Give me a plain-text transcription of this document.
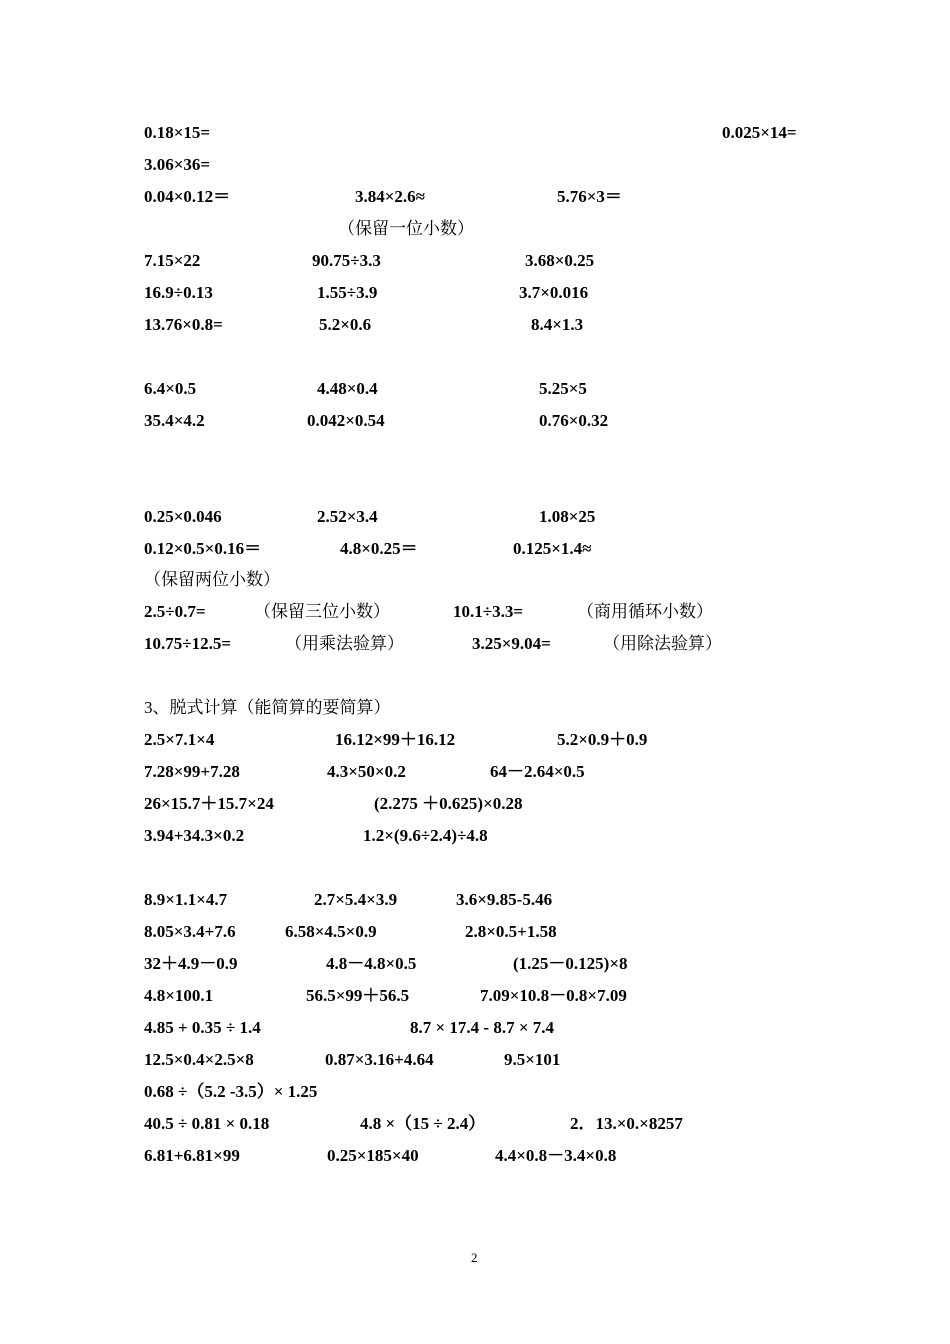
0.18×15=	0.025×14=
3.06×36=
0.04×0.12＝	3.84×2.6≈	5.76×3＝
（保留一位小数）
7.15×22	90.75÷3.3	3.68×0.25
16.9÷0.13	1.55÷3.9	3.7×0.016
13.76×0.8=	5.2×0.6	8.4×1.3
6.4×0.5	4.48×0.4	5.25×5
35.4×4.2	0.042×0.54	0.76×0.32
0.25×0.046	2.52×3.4	1.08×25
0.12×0.5×0.16＝	4.8×0.25＝	0.125×1.4≈
（保留两位小数）
2.5÷0.7=	（保留三位小数）	10.1÷3.3=	（商用循环小数）
10.75÷12.5=	（用乘法验算）	3.25×9.04=	（用除法验算）
3、脱式计算（能简算的要简算）
2.5×7.1×4	16.12×99＋16.12	5.2×0.9＋0.9
7.28×99+7.28	4.3×50×0.2	64－2.64×0.5
26×15.7＋15.7×24	(2.275 ＋0.625)×0.28
3.94+34.3×0.2	1.2×(9.6÷2.4)÷4.8
8.9×1.1×4.7	2.7×5.4×3.9	3.6×9.85-5.46
8.05×3.4+7.6	6.58×4.5×0.9	2.8×0.5+1.58
32＋4.9－0.9	4.8－4.8×0.5	(1.25－0.125)×8
4.8×100.1	56.5×99＋56.5	7.09×10.8－0.8×7.09
4.85 + 0.35 ÷ 1.4	8.7 × 17.4 - 8.7 × 7.4
12.5×0.4×2.5×8	0.87×3.16+4.64	9.5×101
0.68 ÷（5.2 -3.5）× 1.25
40.5 ÷ 0.81 × 0.18	4.8 ×（15 ÷ 2.4）	2．13.×0.×8257
6.81+6.81×99	0.25×185×40	4.4×0.8－3.4×0.8
2
